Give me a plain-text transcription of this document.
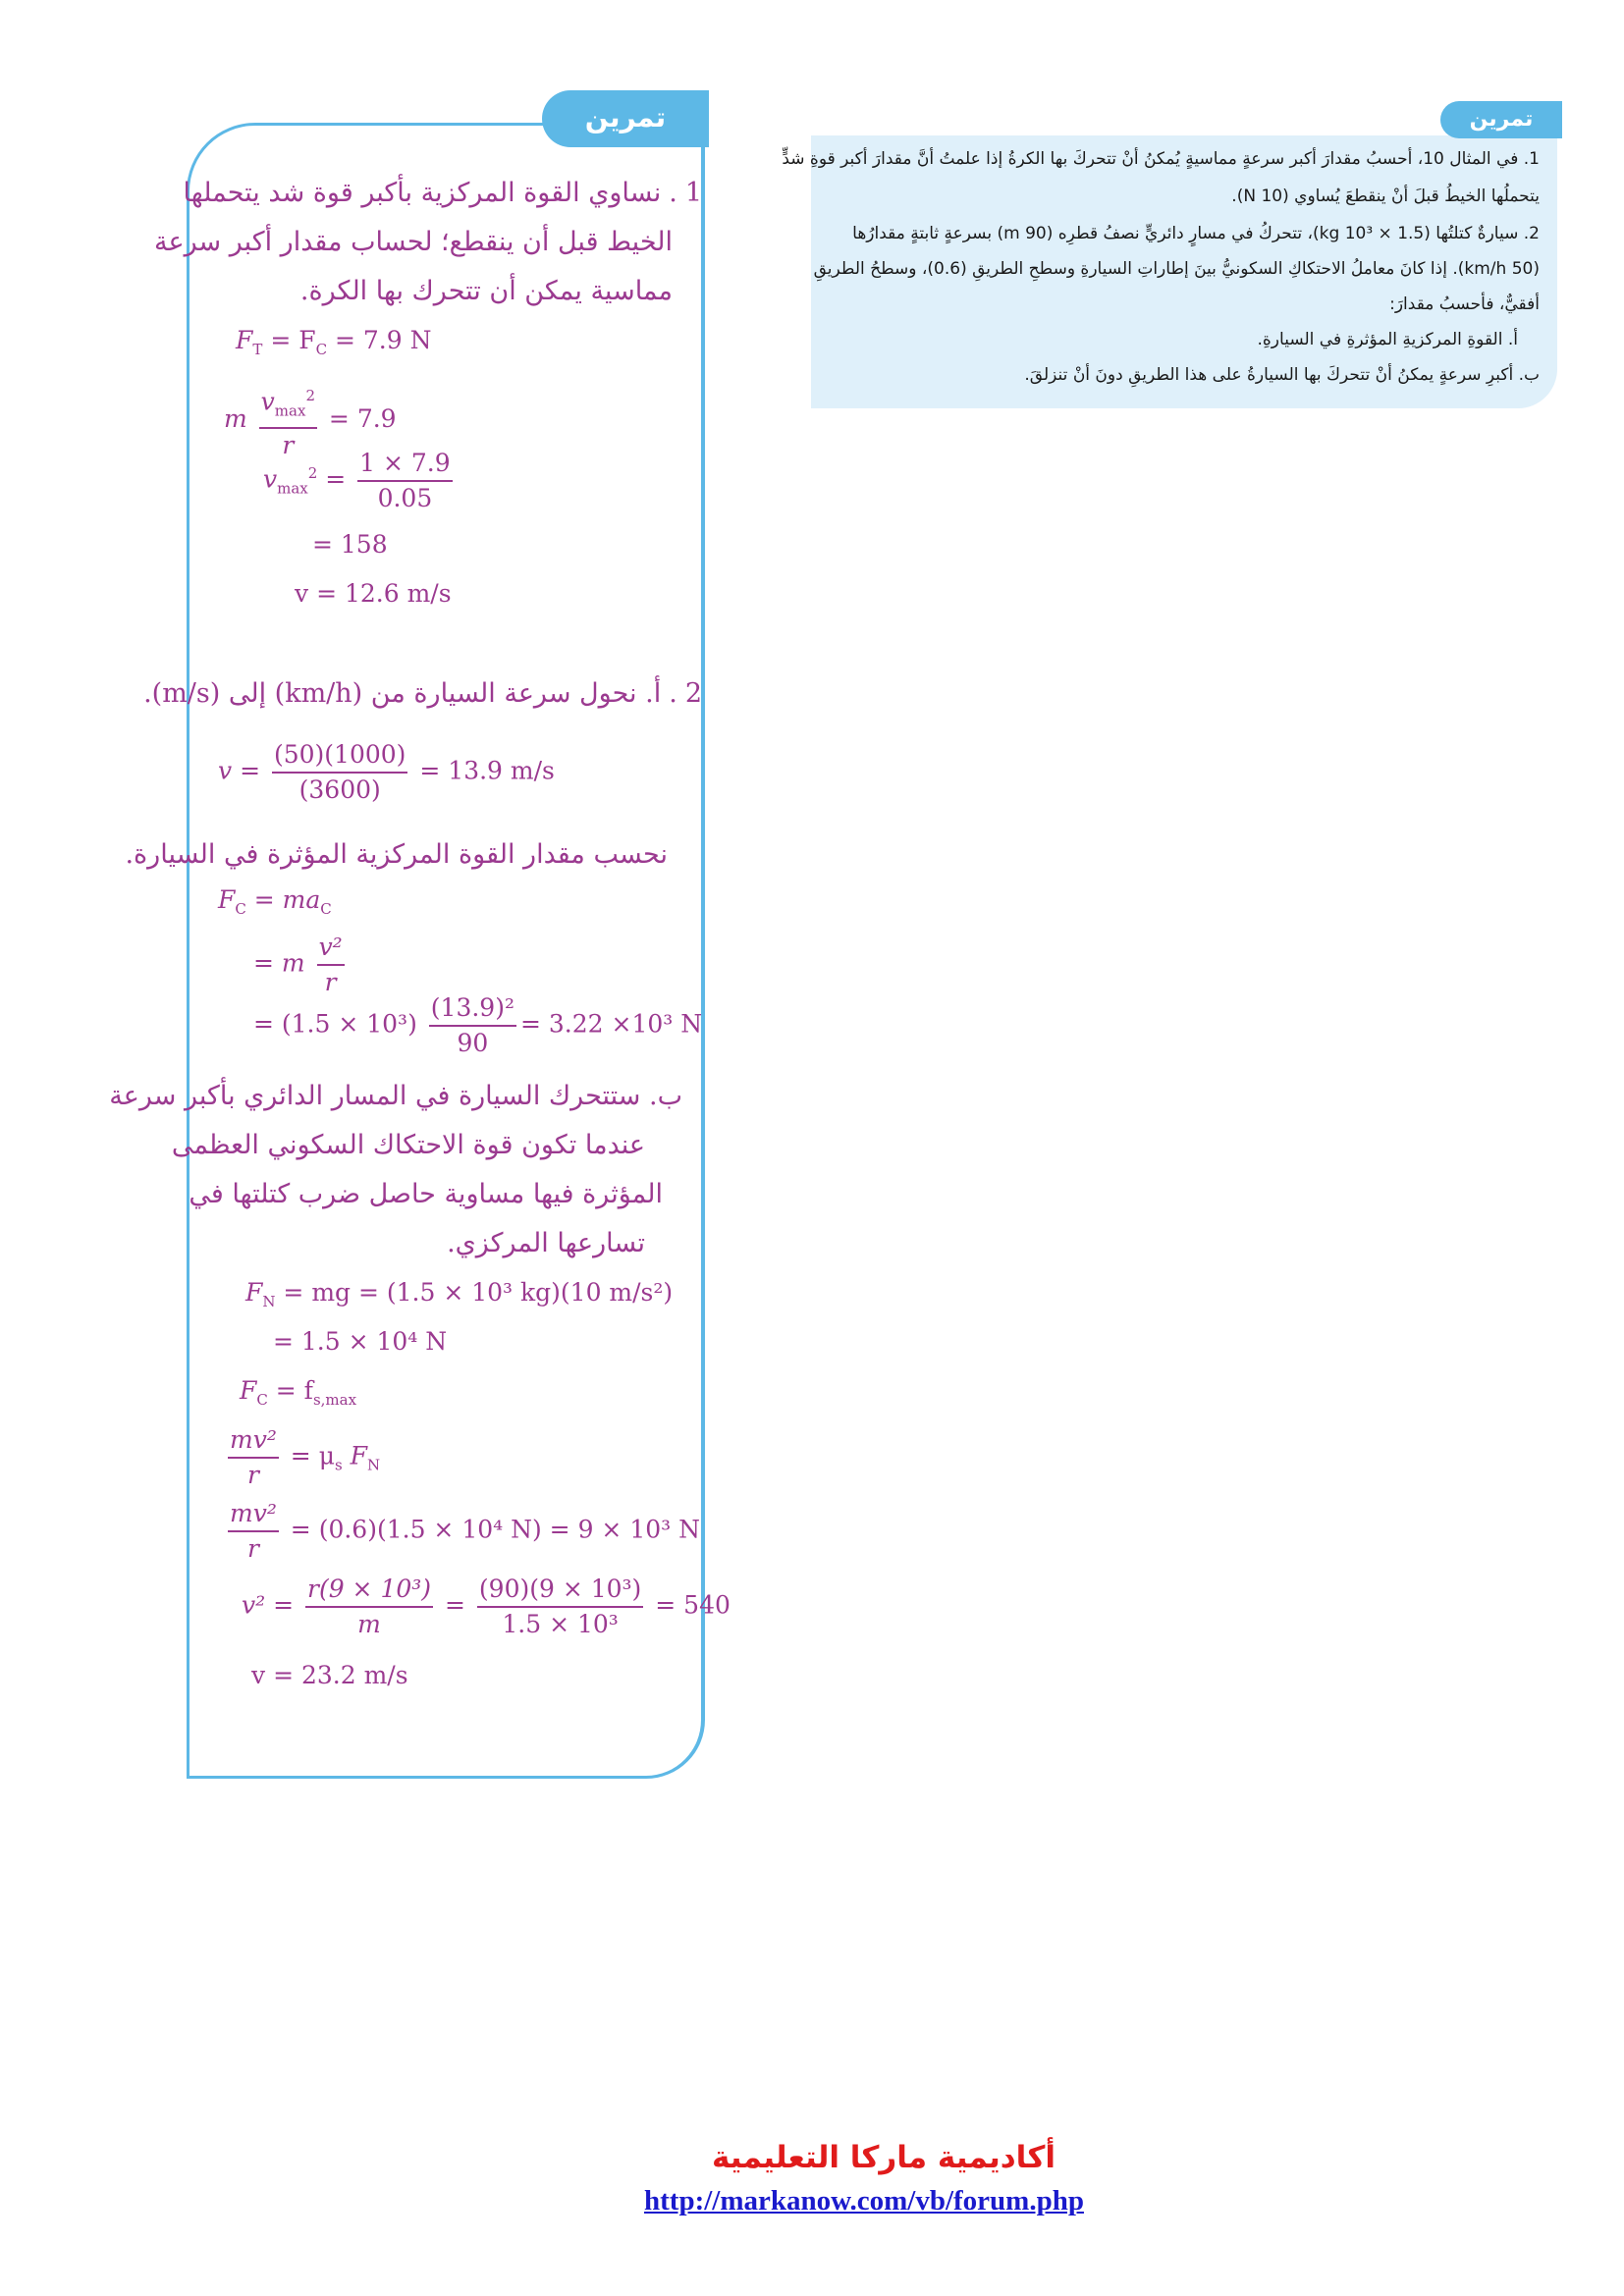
تمرين
1. في المثال 10، أحسبُ مقدارَ أكبر سرعةٍ مماسيةٍ يُمكنُ أنْ تتحركَ بها الكرةُ إذا علمتُ أنَّ مقدارَ أكبر قوةِ شدٍّ
يتحملُها الخيطُ قبلَ أنْ ينقطعَ يُساوي (10 N).
2. سيارةٌ كتلتُها (1.5 × 10³ kg)، تتحركُ في مسارٍ دائريٍّ نصفُ قطرِه (90 m) بسرعةٍ ثابتةٍ مقدارُها
(50 km/h). إذا كانَ معاملُ الاحتكاكِ السكونيُّ بينَ إطاراتِ السيارةِ وسطحِ الطريقِ (0.6)، وسطحُ الطريقِ
أفقيٌّ، فأحسبُ مقدارَ:
أ. القوةِ المركزيةِ المؤثرةِ في السيارةِ.
ب. أكبرِ سرعةٍ يمكنُ أنْ تتحركَ بها السيارةُ على هذا الطريقِ دونَ أنْ تنزلقَ.
تمرين
1.نساوي القوة المركزية بأكبر قوة شد يتحملها
الخيط قبل أن ينقطع؛ لحساب مقدار أكبر سرعة
مماسية يمكن أن تتحرك بها الكرة.
$F_T = F_C = 7.9$ N
m $\frac{v_{max}^2}{r} = 7.9$
$v_{max}^2 = \frac{1 \times 7.9}{0.05}$
= 158
v = 12.6 m/s
2.أ. نحول سرعة السيارة من (km/h) إلى (m/s).
$v = \frac{(50)(1000)}{(3600)} = 13.9$ m/s
نحسب مقدار القوة المركزية المؤثرة في السيارة.
$F_C = ma_C$
= m $\frac{\text{v²}}{r}$
= $(1.5 \times 10^3) \frac{\text{(13.9)²}}{90} = 3.22 \times 10^3$ N
ب. ستتحرك السيارة في المسار الدائري بأكبر سرعة
عندما تكون قوة الاحتكاك السكوني العظمى
المؤثرة فيها مساوية حاصل ضرب كتلتها في
تسارعها المركزي.
$F_N$ = mg = (1.5 × 10³ kg)(10 m/s²)
= 1.5 × 10⁴ N
$F_C = f_{s,max}$
$\frac{\text{mv²}}{r} = \mu_s$ $F_N$
$\frac{\text{mv²}}{r} = (0.6)(1.5 \times 10^4$ N) = 9 × 10³ N
$v^2 = \frac{\text{r(9 × 10³)}}{m} = \frac{\text{(90)(9 × 10³)}}{\text{1.5 × 10³}} = 540$
v = 23.2 m/s
أكاديمية ماركا التعليمية
http://markanow.com/vb/forum.php
